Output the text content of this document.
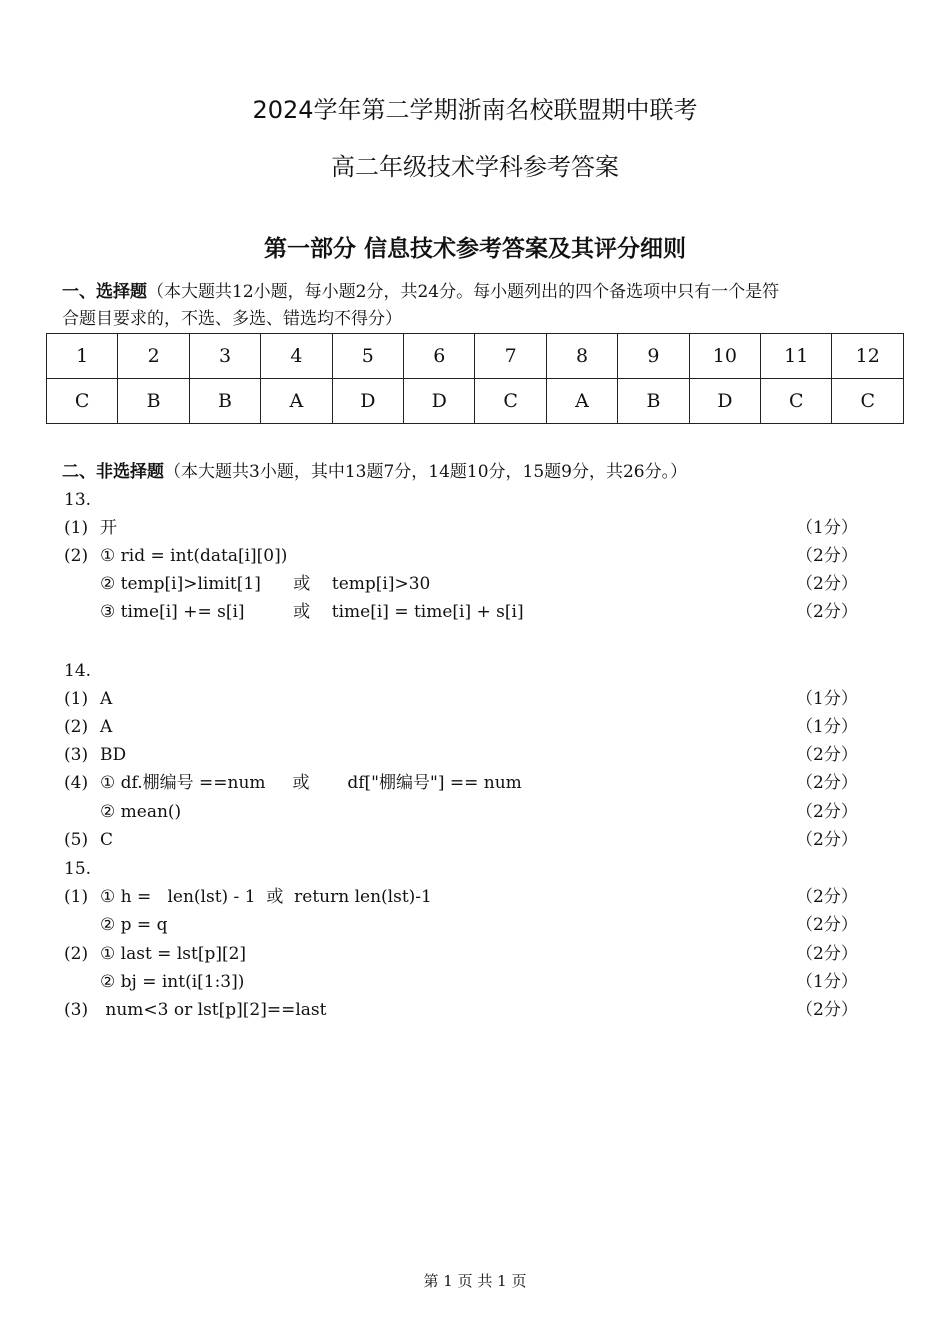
2024学年第二学期浙南名校联盟期中联考
高二年级技术学科参考答案
第一部分 信息技术参考答案及其评分细则
一、选择题（本大题共12小题，每小题2分，共24分。每小题列出的四个备选项中只有一个是符
合题目要求的，不选、多选、错选均不得分）
1	2	3	4	5	6	7	8	9	10	11	12
C	B	B	A	D	D	C	A	B	D	C	C
二、非选择题（本大题共3小题，其中13题7分，14题10分，15题9分，共26分。）
13.
(1) 开	（1分）
(2) ① rid = int(data[i][0])	（2分）
② temp[i]>limit[1]      或    temp[i]>30	（2分）
③ time[i] += s[i]         或    time[i] = time[i] + s[i]	（2分）
14.
(1) A	（1分）
(2) A	（1分）
(3) BD	（2分）
(4) ① df.棚编号 ==num     或       df["棚编号"] == num	（2分）
② mean()	（2分）
(5) C	（2分）
15.
(1) ① h =   len(lst) - 1  或  return len(lst)-1	（2分）
② p = q	（2分）
(2) ① last = lst[p][2]	（2分）
② bj = int(i[1:3])	（1分）
(3) num<3 or lst[p][2]==last	（2分）
第 1 页 共 1 页
